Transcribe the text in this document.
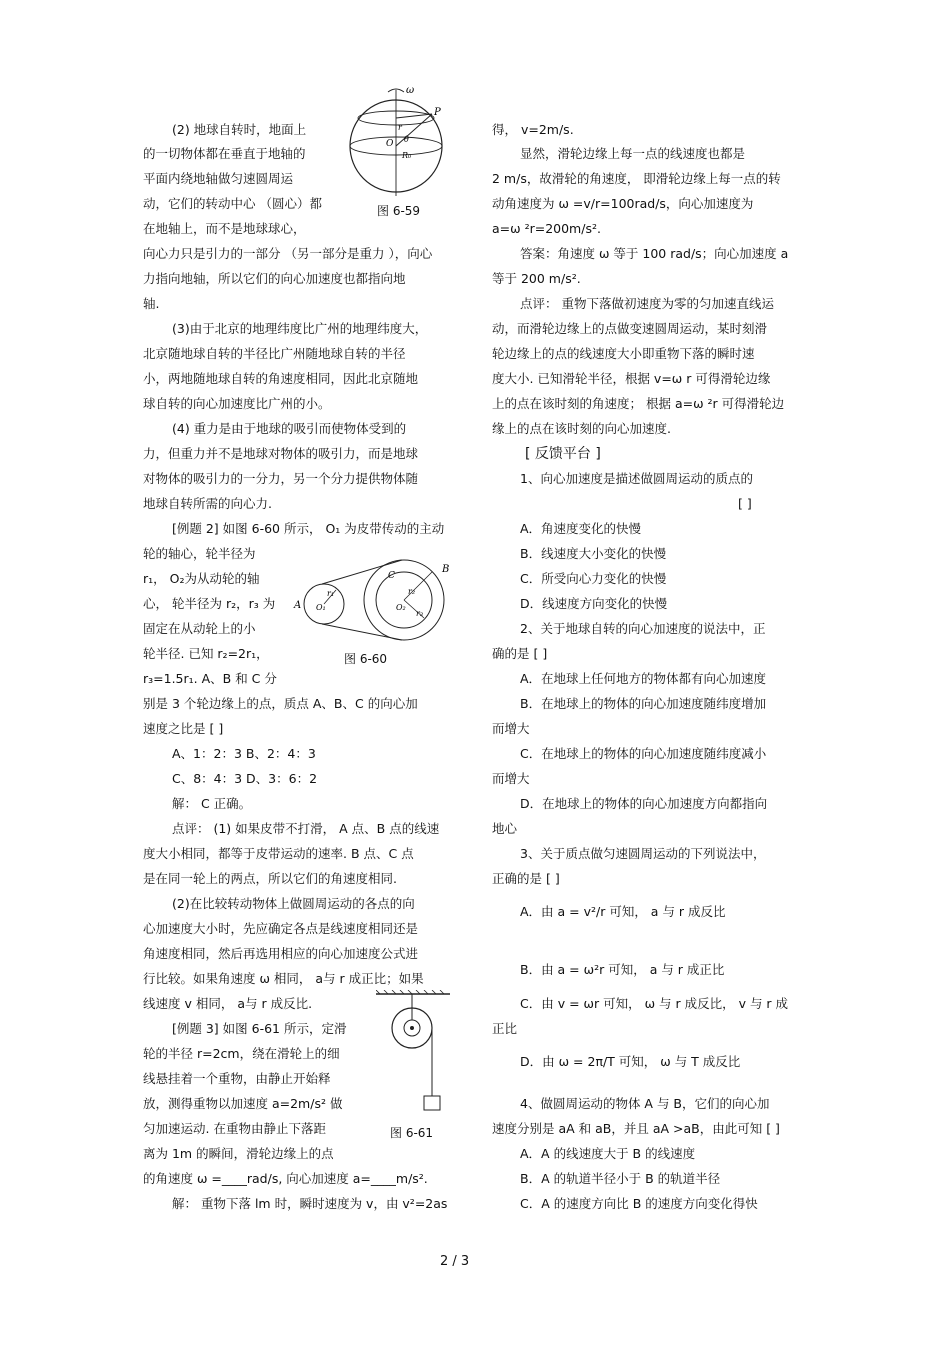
(2) 地球自转时，地面上
的一切物体都在垂直于地轴的
平面内绕地轴做匀速圆周运
动，它们的转动中心 （圆心）都
在地轴上，而不是地球球心，
向心力只是引力的一部分 （另一部分是重力 ），向心
力指向地轴，所以它们的向心加速度也都指向地
轴.
(3)由于北京的地理纬度比广州的地理纬度大，
北京随地球自转的半径比广州随地球自转的半径
小，两地随地球自转的角速度相同，因此北京随地
球自转的向心加速度比广州的小。
(4) 重力是由于地球的吸引而使物体受到的
力，但重力并不是地球对物体的吸引力，而是地球
对物体的吸引力的一分力，另一个分力提供物体随
地球自转所需的向心力.
[例题 2] 如图 6-60 所示， O₁ 为皮带传动的主动
轮的轴心，轮半径为
r₁， O₂为从动轮的轴
心， 轮半径为 r₂，r₃ 为
固定在从动轮上的小
轮半径. 已知 r₂=2r₁，
r₃=1.5r₁. A、B 和 C 分
别是 3 个轮边缘上的点，质点 A、B、C 的向心加
速度之比是 [ ]
A、1：2：3 B、2：4：3
C、8：4：3 D、3：6：2
解： C 正确。
点评： (1) 如果皮带不打滑， A 点、B 点的线速
度大小相同，都等于皮带运动的速率. B 点、C 点
是在同一轮上的两点，所以它们的角速度相同.
(2)在比较转动物体上做圆周运动的各点的向
心加速度大小时，先应确定各点是线速度相同还是
角速度相同，然后再选用相应的向心加速度公式进
行比较。如果角速度 ω 相同， a与 r 成正比；如果
线速度 v 相同， a与 r 成反比.
[例题 3] 如图 6-61 所示，定滑
轮的半径 r=2cm，绕在滑轮上的细
线悬挂着一个重物，由静止开始释
放，测得重物以加速度 a=2m/s² 做
匀加速运动. 在重物由静止下落距
离为 1m 的瞬间，滑轮边缘上的点
的角速度 ω =____rad/s, 向心加速度 a=____m/s².
解： 重物下落 lm 时，瞬时速度为 v，由 v²=2as
ω
P
O θ
r
R₀
图 6-59
A
B
C
O₁	O₂
r₁	r₂
r₃
图 6-60
图 6-61
得， v=2m/s.
显然，滑轮边缘上每一点的线速度也都是
2 m/s，故滑轮的角速度， 即滑轮边缘上每一点的转
动角速度为 ω =v/r=100rad/s，向心加速度为
a=ω ²r=200m/s².
答案：角速度 ω 等于 100 rad/s；向心加速度 a
等于 200 m/s².
点评： 重物下落做初速度为零的匀加速直线运
动，而滑轮边缘上的点做变速圆周运动，某时刻滑
轮边缘上的点的线速度大小即重物下落的瞬时速
度大小. 已知滑轮半径，根据 v=ω r 可得滑轮边缘
上的点在该时刻的角速度； 根据 a=ω ²r 可得滑轮边
缘上的点在该时刻的向心加速度.
[ 反馈平台 ]
1、向心加速度是描述做圆周运动的质点的
[ ]
A．角速度变化的快慢
B．线速度大小变化的快慢
C．所受向心力变化的快慢
D．线速度方向变化的快慢
2、关于地球自转的向心加速度的说法中，正
确的是 [ ]
A．在地球上任何地方的物体都有向心加速度
B．在地球上的物体的向心加速度随纬度增加
而增大
C．在地球上的物体的向心加速度随纬度减小
而增大
D．在地球上的物体的向心加速度方向都指向
地心
3、关于质点做匀速圆周运动的下列说法中，
正确的是 [ ]
A．由 a = v²/r 可知， a 与 r 成反比
B．由 a = ω²r 可知， a 与 r 成正比
C．由 v = ωr 可知， ω 与 r 成反比， v 与 r 成
正比
D．由 ω = 2π/T 可知， ω 与 T 成反比
4、做圆周运动的物体 A 与 B，它们的向心加
速度分别是 aA 和 aB，并且 aA >aB，由此可知 [ ]
A．A 的线速度大于 B 的线速度
B．A 的轨道半径小于 B 的轨道半径
C．A 的速度方向比 B 的速度方向变化得快
2 / 3
